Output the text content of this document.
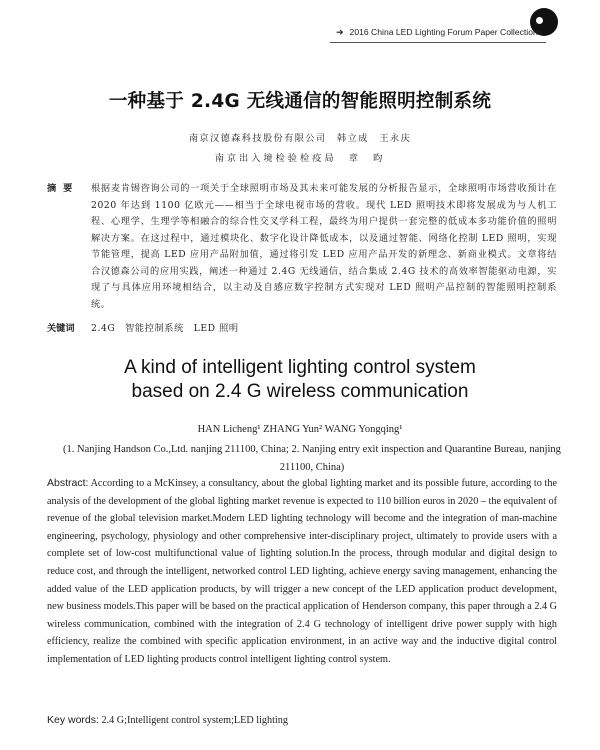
➜ 2016 China LED Lighting Forum Paper Collections
一种基于 2.4G 无线通信的智能照明控制系统
南京汉德森科技股份有限公司　韩立成　王永庆
南京出入境检验检疫局　章　昀
摘要	根据麦肯锡咨询公司的一项关于全球照明市场及其未来可能发展的分析报告显示，全球照明市场营收预计在 2020 年达到 1100 亿欧元——相当于全球电视市场的营收。现代 LED 照明技术即将发展成为与人机工程、心理学、生理学等相融合的综合性交叉学科工程，最终为用户提供一套完整的低成本多功能价值的照明解决方案。在这过程中，通过模块化、数字化设计降低成本，以及通过智能、网络化控制 LED 照明，实现节能管理，提高 LED 应用产品附加值，通过将引发 LED 应用产品开发的新理念、新商业模式。文章将结合汉德森公司的应用实践，阐述一种通过 2.4G 无线通信，结合集成 2.4G 技术的高效率智能驱动电源，实现了与具体应用环境相结合，以主动及自感应数字控制方式实现对 LED 照明产品控制的智能照明控制系统。
关键词	2.4G　智能控制系统　LED 照明
A kind of intelligent lighting control system
based on 2.4 G wireless communication
HAN Licheng¹ ZHANG Yun² WANG Yongqing¹
(1. Nanjing Handson Co.,Ltd. nanjing 211100, China; 2. Nanjing entry exit inspection and Quarantine Bureau, nanjing 211100, China)
Abstract: According to a McKinsey, a consultancy, about the global lighting market and its possible future, according to the analysis of the development of the global lighting market revenue is expected to 110 billion euros in 2020 – the equivalent of revenue of the global television market.Modern LED lighting technology will become and the integration of man-machine engineering, psychology, physiology and other comprehensive inter-disciplinary project, ultimately to provide users with a complete set of low-cost multifunctional value of lighting solution.In the process, through modular and digital design to reduce cost, and through the intelligent, networked control LED lighting, achieve energy saving management, enhancing the added value of the LED application products, by will trigger a new concept of the LED application product development, new business models.This paper will be based on the practical application of Henderson company, this paper through a 2.4 G wireless communication, combined with the integration of 2.4 G technology of intelligent drive power supply with high efficiency, realize the combined with specific application environment, in an active way and the inductive digital control implementation of LED lighting products control intelligent lighting control system.
Key words: 2.4 G;Intelligent control system;LED lighting
